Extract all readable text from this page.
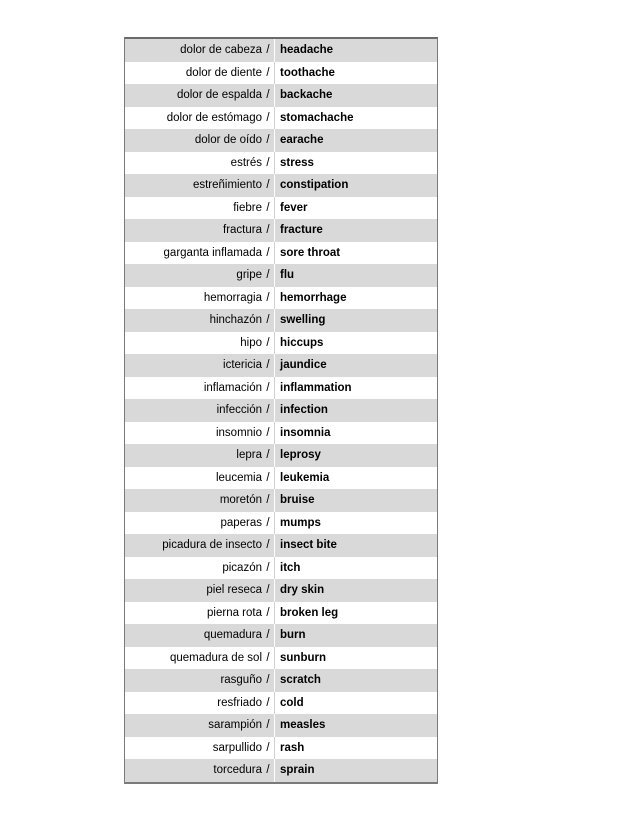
dolor de cabeza / headache
dolor de diente / toothache
dolor de espalda / backache
dolor de estómago / stomachache
dolor de oído / earache
estrés / stress
estreñimiento / constipation
fiebre / fever
fractura / fracture
garganta inflamada / sore throat
gripe / flu
hemorragia / hemorrhage
hinchazón / swelling
hipo / hiccups
ictericia / jaundice
inflamación / inflammation
infección / infection
insomnio / insomnia
lepra / leprosy
leucemia / leukemia
moretón / bruise
paperas / mumps
picadura de insecto / insect bite
picazón / itch
piel reseca / dry skin
pierna rota / broken leg
quemadura / burn
quemadura de sol / sunburn
rasguño / scratch
resfriado / cold
sarampión / measles
sarpullido / rash
torcedura / sprain
